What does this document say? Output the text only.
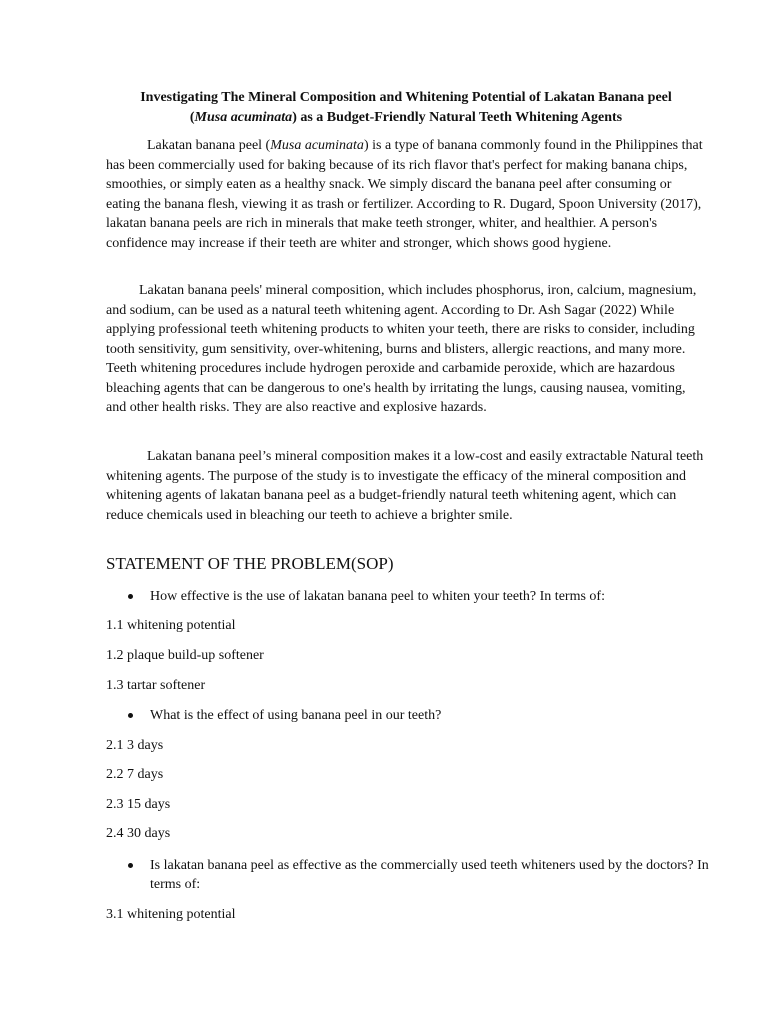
Investigating The Mineral Composition and Whitening Potential of Lakatan Banana peel
(Musa acuminata) as a Budget-Friendly Natural Teeth Whitening Agents
Lakatan banana peel (Musa acuminata) is a type of banana commonly found in the Philippines that has been commercially used for baking because of its rich flavor that's perfect for making banana chips, smoothies, or simply eaten as a healthy snack. We simply discard the banana peel after consuming or eating the banana flesh, viewing it as trash or fertilizer. According to R. Dugard, Spoon University (2017), lakatan banana peels are rich in minerals that make teeth stronger, whiter, and healthier. A person's confidence may increase if their teeth are whiter and stronger, which shows good hygiene.
Lakatan banana peels' mineral composition, which includes phosphorus, iron, calcium, magnesium, and sodium, can be used as a natural teeth whitening agent. According to Dr. Ash Sagar (2022) While applying professional teeth whitening products to whiten your teeth, there are risks to consider, including tooth sensitivity, gum sensitivity, over-whitening, burns and blisters, allergic reactions, and many more. Teeth whitening procedures include hydrogen peroxide and carbamide peroxide, which are hazardous bleaching agents that can be dangerous to one's health by irritating the lungs, causing nausea, vomiting, and other health risks. They are also reactive and explosive hazards.
Lakatan banana peel’s mineral composition makes it a low-cost and easily extractable Natural teeth whitening agents. The purpose of the study is to investigate the efficacy of the mineral composition and whitening agents of lakatan banana peel as a budget-friendly natural teeth whitening agent, which can reduce chemicals used in bleaching our teeth to achieve a brighter smile.
STATEMENT OF THE PROBLEM(SOP)
How effective is the use of lakatan banana peel to whiten your teeth? In terms of:
1.1 whitening potential
1.2 plaque build-up softener
1.3 tartar softener
What is the effect of using banana peel in our teeth?
2.1 3 days
2.2 7 days
2.3 15 days
2.4 30 days
Is lakatan banana peel as effective as the commercially used teeth whiteners used by the doctors? In terms of:
3.1 whitening potential
